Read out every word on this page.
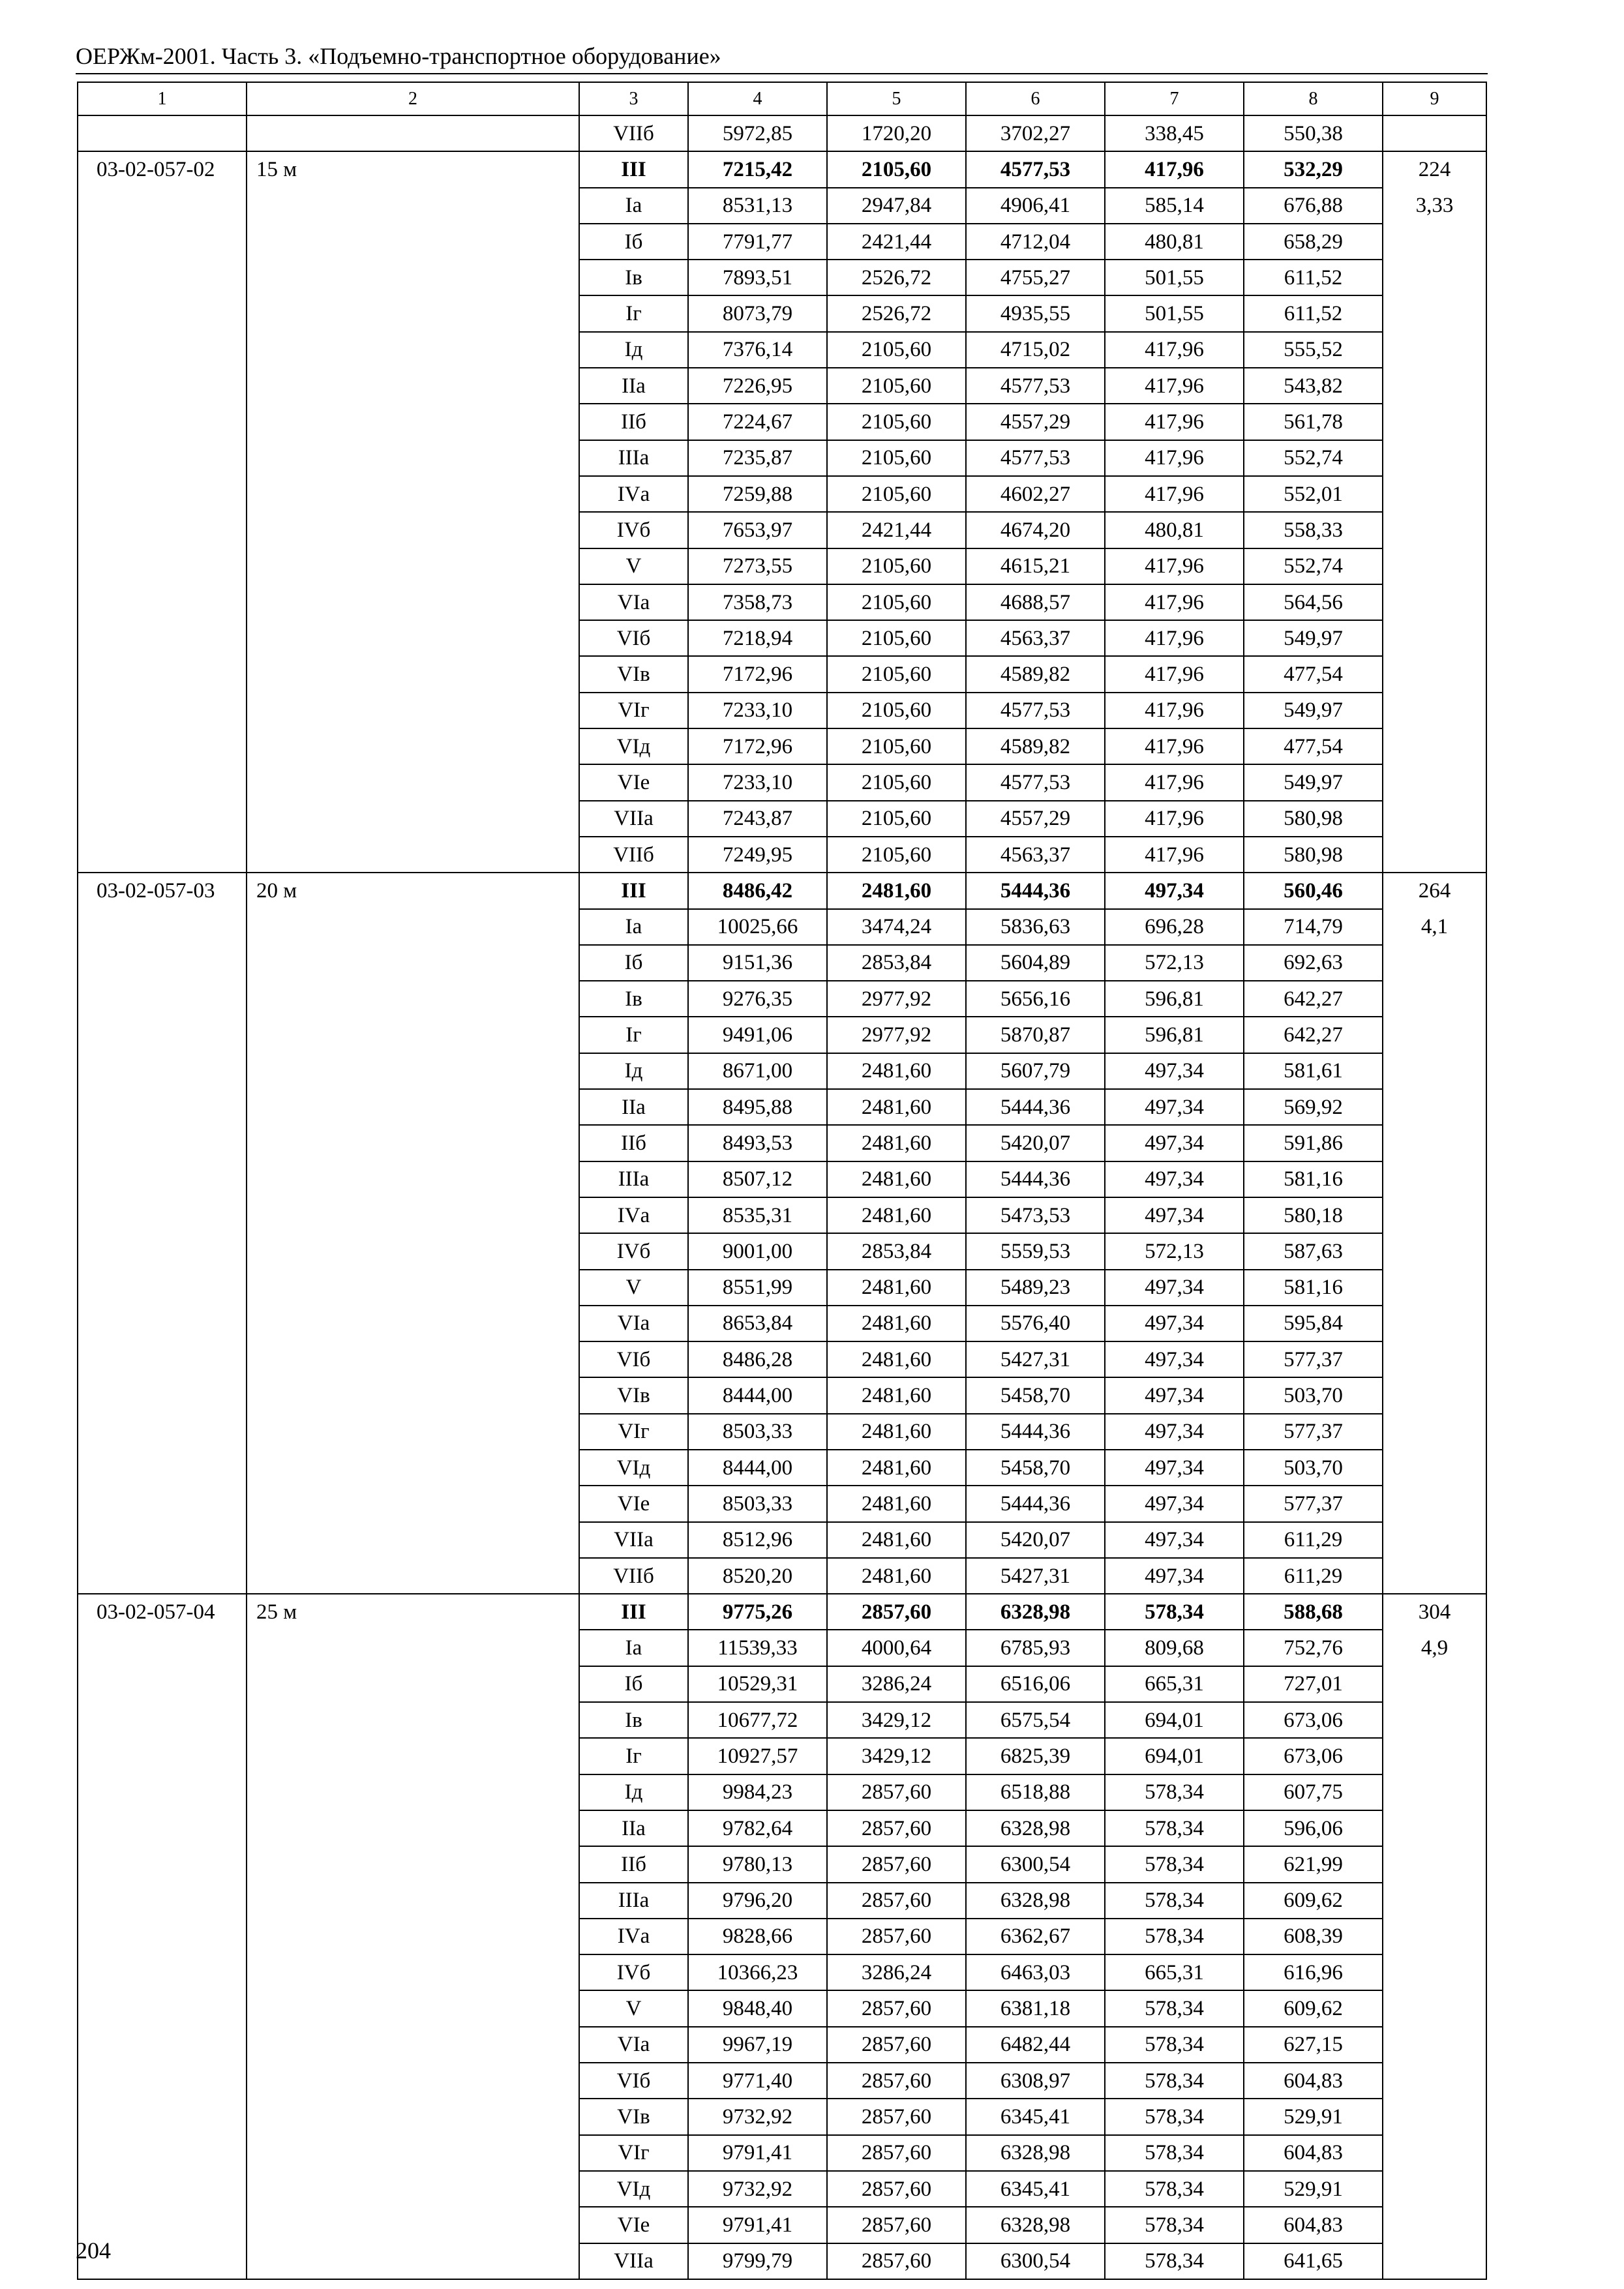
ОЕРЖм-2001. Часть 3. «Подъемно-транспортное оборудование»
1	2	3	4	5	6	7	8	9
		VIIб	5972,85	1720,20	3702,27	338,45	550,38	
03-02-057-02	15 м	III	7215,42	2105,60	4577,53	417,96	532,29	224
		Iа	8531,13	2947,84	4906,41	585,14	676,88	3,33
		Iб	7791,77	2421,44	4712,04	480,81	658,29	
		Iв	7893,51	2526,72	4755,27	501,55	611,52	
		Iг	8073,79	2526,72	4935,55	501,55	611,52	
		Iд	7376,14	2105,60	4715,02	417,96	555,52	
		IIа	7226,95	2105,60	4577,53	417,96	543,82	
		IIб	7224,67	2105,60	4557,29	417,96	561,78	
		IIIа	7235,87	2105,60	4577,53	417,96	552,74	
		IVа	7259,88	2105,60	4602,27	417,96	552,01	
		IVб	7653,97	2421,44	4674,20	480,81	558,33	
		V	7273,55	2105,60	4615,21	417,96	552,74	
		VIа	7358,73	2105,60	4688,57	417,96	564,56	
		VIб	7218,94	2105,60	4563,37	417,96	549,97	
		VIв	7172,96	2105,60	4589,82	417,96	477,54	
		VIг	7233,10	2105,60	4577,53	417,96	549,97	
		VIд	7172,96	2105,60	4589,82	417,96	477,54	
		VIе	7233,10	2105,60	4577,53	417,96	549,97	
		VIIа	7243,87	2105,60	4557,29	417,96	580,98	
		VIIб	7249,95	2105,60	4563,37	417,96	580,98	
03-02-057-03	20 м	III	8486,42	2481,60	5444,36	497,34	560,46	264
		Iа	10025,66	3474,24	5836,63	696,28	714,79	4,1
		Iб	9151,36	2853,84	5604,89	572,13	692,63	
		Iв	9276,35	2977,92	5656,16	596,81	642,27	
		Iг	9491,06	2977,92	5870,87	596,81	642,27	
		Iд	8671,00	2481,60	5607,79	497,34	581,61	
		IIа	8495,88	2481,60	5444,36	497,34	569,92	
		IIб	8493,53	2481,60	5420,07	497,34	591,86	
		IIIа	8507,12	2481,60	5444,36	497,34	581,16	
		IVа	8535,31	2481,60	5473,53	497,34	580,18	
		IVб	9001,00	2853,84	5559,53	572,13	587,63	
		V	8551,99	2481,60	5489,23	497,34	581,16	
		VIа	8653,84	2481,60	5576,40	497,34	595,84	
		VIб	8486,28	2481,60	5427,31	497,34	577,37	
		VIв	8444,00	2481,60	5458,70	497,34	503,70	
		VIг	8503,33	2481,60	5444,36	497,34	577,37	
		VIд	8444,00	2481,60	5458,70	497,34	503,70	
		VIе	8503,33	2481,60	5444,36	497,34	577,37	
		VIIа	8512,96	2481,60	5420,07	497,34	611,29	
		VIIб	8520,20	2481,60	5427,31	497,34	611,29	
03-02-057-04	25 м	III	9775,26	2857,60	6328,98	578,34	588,68	304
		Iа	11539,33	4000,64	6785,93	809,68	752,76	4,9
		Iб	10529,31	3286,24	6516,06	665,31	727,01	
		Iв	10677,72	3429,12	6575,54	694,01	673,06	
		Iг	10927,57	3429,12	6825,39	694,01	673,06	
		Iд	9984,23	2857,60	6518,88	578,34	607,75	
		IIа	9782,64	2857,60	6328,98	578,34	596,06	
		IIб	9780,13	2857,60	6300,54	578,34	621,99	
		IIIа	9796,20	2857,60	6328,98	578,34	609,62	
		IVа	9828,66	2857,60	6362,67	578,34	608,39	
		IVб	10366,23	3286,24	6463,03	665,31	616,96	
		V	9848,40	2857,60	6381,18	578,34	609,62	
		VIа	9967,19	2857,60	6482,44	578,34	627,15	
		VIб	9771,40	2857,60	6308,97	578,34	604,83	
		VIв	9732,92	2857,60	6345,41	578,34	529,91	
		VIг	9791,41	2857,60	6328,98	578,34	604,83	
		VIд	9732,92	2857,60	6345,41	578,34	529,91	
		VIе	9791,41	2857,60	6328,98	578,34	604,83	
		VIIа	9799,79	2857,60	6300,54	578,34	641,65	
204
